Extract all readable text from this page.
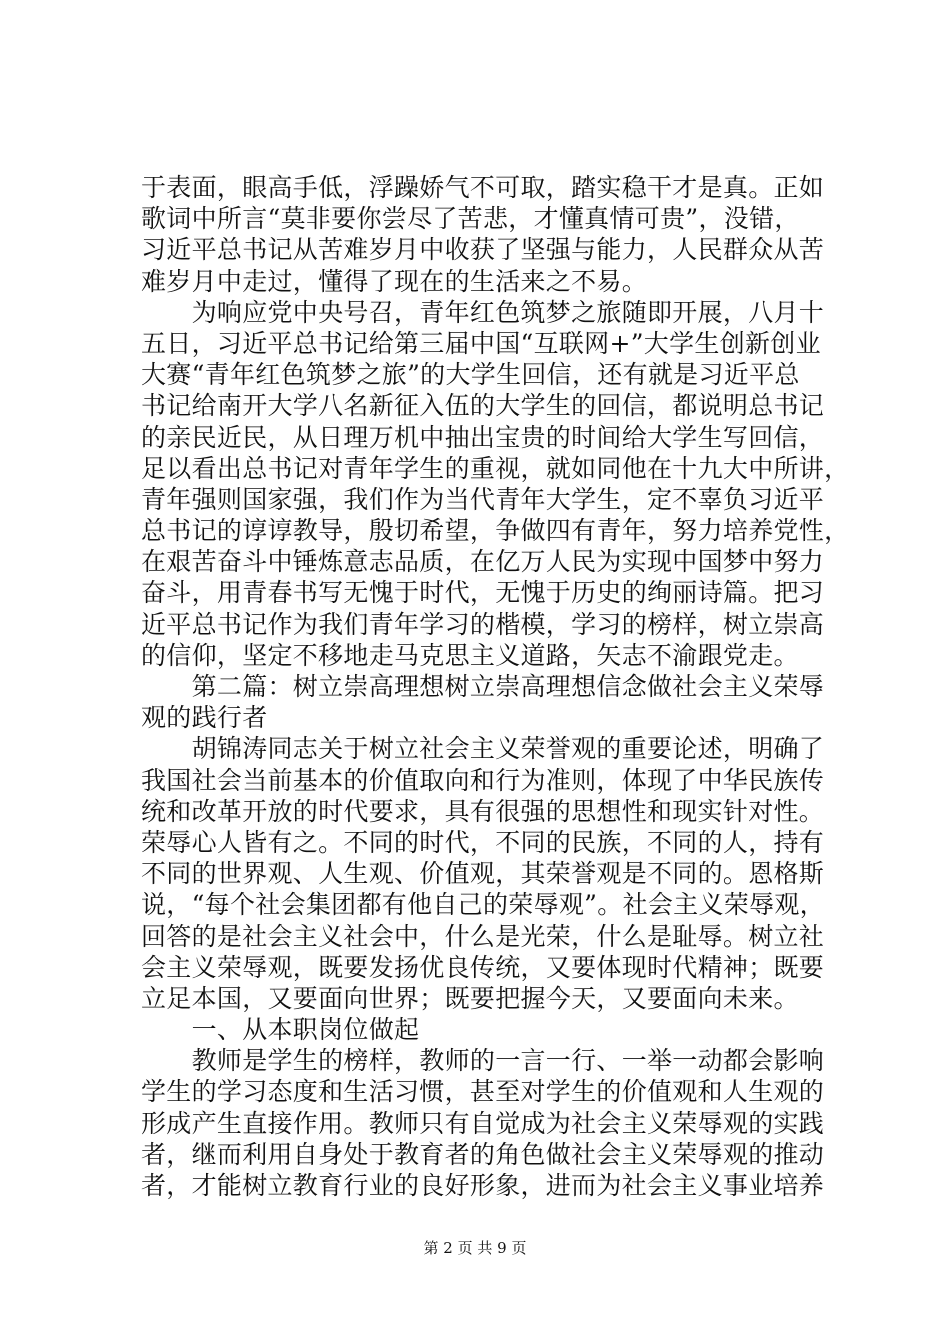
于表面，眼高手低，浮躁娇气不可取，踏实稳干才是真。正如
歌词中所言“莫非要你尝尽了苦悲，才懂真情可贵”，没错，
习近平总书记从苦难岁月中收获了坚强与能力，人民群众从苦
难岁月中走过，懂得了现在的生活来之不易。
　　为响应党中央号召，青年红色筑梦之旅随即开展，八月十
五日，习近平总书记给第三届中国“互联网+”大学生创新创业
大赛“青年红色筑梦之旅”的大学生回信，还有就是习近平总
书记给南开大学八名新征入伍的大学生的回信，都说明总书记
的亲民近民，从日理万机中抽出宝贵的时间给大学生写回信，
足以看出总书记对青年学生的重视，就如同他在十九大中所讲，
青年强则国家强，我们作为当代青年大学生，定不辜负习近平
总书记的谆谆教导，殷切希望，争做四有青年，努力培养党性，
在艰苦奋斗中锤炼意志品质，在亿万人民为实现中国梦中努力
奋斗，用青春书写无愧于时代，无愧于历史的绚丽诗篇。把习
近平总书记作为我们青年学习的楷模，学习的榜样，树立崇高
的信仰，坚定不移地走马克思主义道路，矢志不渝跟党走。
　　第二篇：树立崇高理想树立崇高理想信念做社会主义荣辱
观的践行者
　　胡锦涛同志关于树立社会主义荣誉观的重要论述，明确了
我国社会当前基本的价值取向和行为准则，体现了中华民族传
统和改革开放的时代要求，具有很强的思想性和现实针对性。
荣辱心人皆有之。不同的时代，不同的民族，不同的人，持有
不同的世界观、人生观、价值观，其荣誉观是不同的。恩格斯
说，“每个社会集团都有他自己的荣辱观”。社会主义荣辱观，
回答的是社会主义社会中，什么是光荣，什么是耻辱。树立社
会主义荣辱观，既要发扬优良传统，又要体现时代精神；既要
立足本国，又要面向世界；既要把握今天，又要面向未来。
　　一、从本职岗位做起
　　教师是学生的榜样，教师的一言一行、一举一动都会影响
学生的学习态度和生活习惯，甚至对学生的价值观和人生观的
形成产生直接作用。教师只有自觉成为社会主义荣辱观的实践
者，继而利用自身处于教育者的角色做社会主义荣辱观的推动
者，才能树立教育行业的良好形象，进而为社会主义事业培养
第 2 页 共 9 页
